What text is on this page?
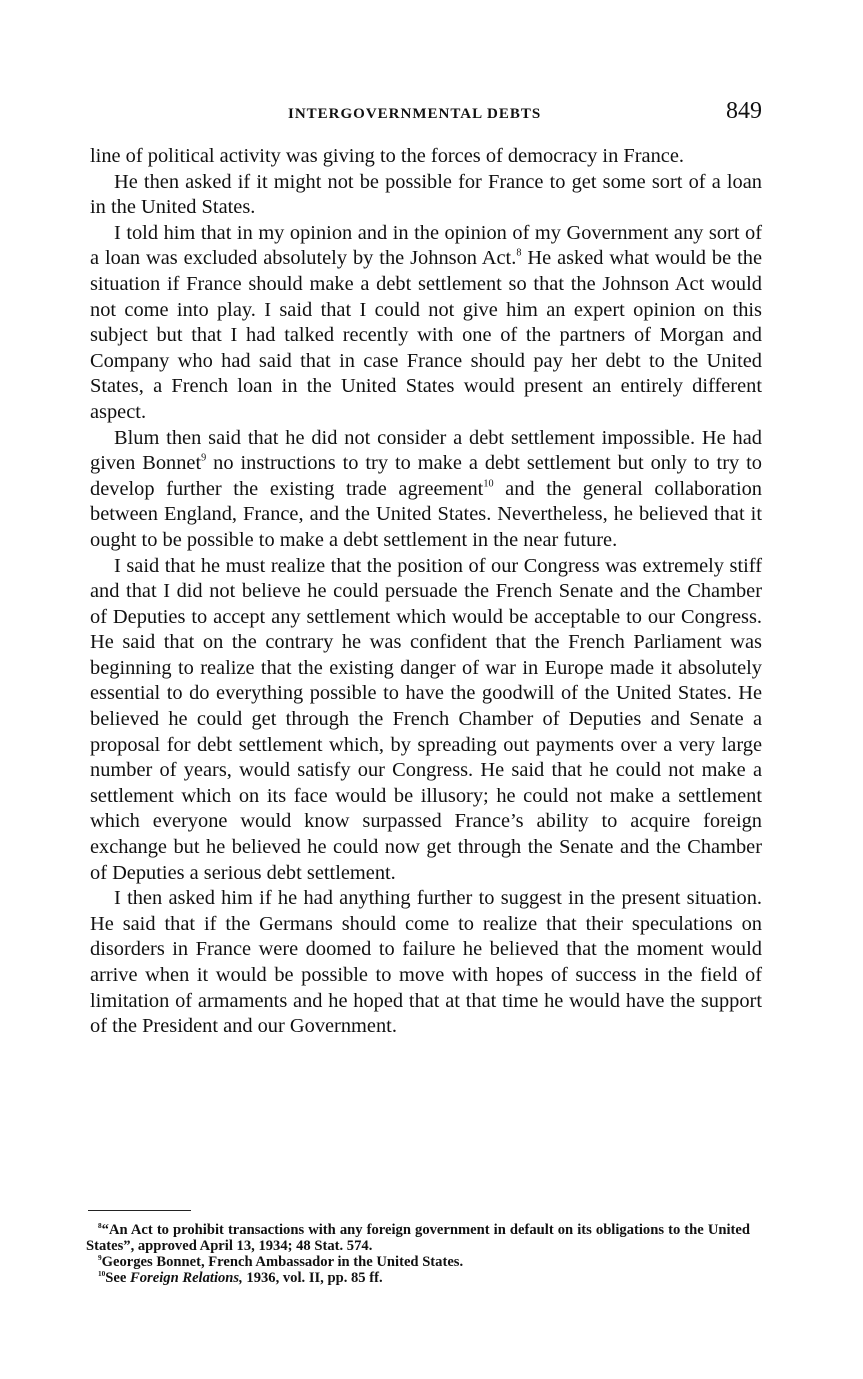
INTERGOVERNMENTAL DEBTS	849

line of political activity was giving to the forces of democracy in France.

He then asked if it might not be possible for France to get some sort of a loan in the United States.

I told him that in my opinion and in the opinion of my Government any sort of a loan was excluded absolutely by the Johnson Act.$^8$ He asked what would be the situation if France should make a debt settlement so that the Johnson Act would not come into play. I said that I could not give him an expert opinion on this subject but that I had talked recently with one of the partners of Morgan and Company who had said that in case France should pay her debt to the United States, a French loan in the United States would present an entirely different aspect.

Blum then said that he did not consider a debt settlement impossible. He had given Bonnet$^9$ no instructions to try to make a debt settlement but only to try to develop further the existing trade agreement$^{10}$ and the general collaboration between England, France, and the United States. Nevertheless, he believed that it ought to be possible to make a debt settlement in the near future.

I said that he must realize that the position of our Congress was extremely stiff and that I did not believe he could persuade the French Senate and the Chamber of Deputies to accept any settlement which would be acceptable to our Congress. He said that on the contrary he was confident that the French Parliament was beginning to realize that the existing danger of war in Europe made it absolutely essential to do everything possible to have the goodwill of the United States. He believed he could get through the French Chamber of Deputies and Senate a proposal for debt settlement which, by spreading out payments over a very large number of years, would satisfy our Congress. He said that he could not make a settlement which on its face would be illusory; he could not make a settlement which everyone would know surpassed France’s ability to acquire foreign exchange but he believed he could now get through the Senate and the Chamber of Deputies a serious debt settlement.

I then asked him if he had anything further to suggest in the present situation. He said that if the Germans should come to realize that their speculations on disorders in France were doomed to failure he believed that the moment would arrive when it would be possible to move with hopes of success in the field of limitation of armaments and he hoped that at that time he would have the support of the President and our Government.

$^8$“An Act to prohibit transactions with any foreign government in default on its obligations to the United States”, approved April 13, 1934; 48 Stat. 574.

$^9$Georges Bonnet, French Ambassador in the United States.

$^{10}$See Foreign Relations, 1936, vol. II, pp. 85 ff.
